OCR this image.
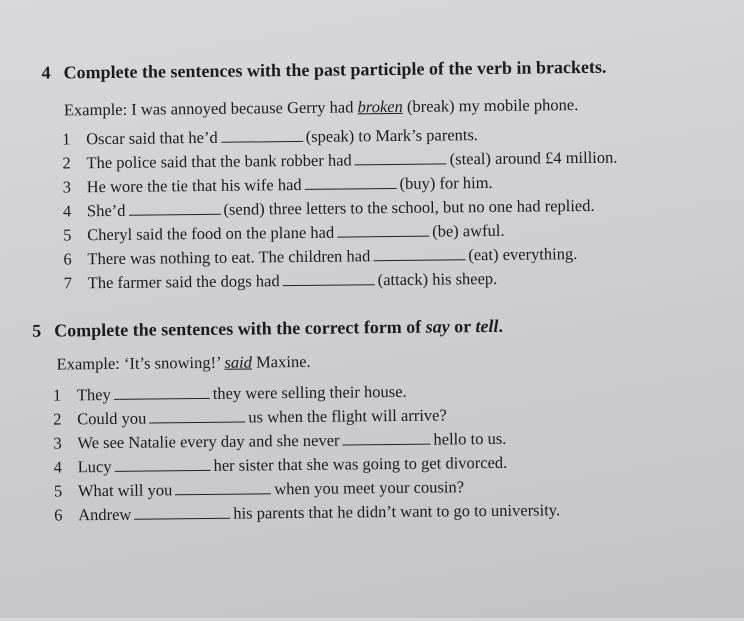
4 Complete the sentences with the past participle of the verb in brackets.
Example: I was annoyed because Gerry had broken (break) my mobile phone.
1 Oscar said that he’d	(speak) to Mark’s parents.
2 The police said that the bank robber had	(steal) around £4 million.
3 He wore the tie that his wife had	(buy) for him.
4 She’d	(send) three letters to the school, but no one had replied.
5 Cheryl said the food on the plane had	(be) awful.
6 There was nothing to eat. The children had	(eat) everything.
7 The farmer said the dogs had	(attack) his sheep.
5 Complete the sentences with the correct form of say or tell.
Example: ‘It’s snowing!’ said Maxine.
1 They	they were selling their house.
2 Could you	us when the flight will arrive?
3 We see Natalie every day and she never	hello to us.
4 Lucy	her sister that she was going to get divorced.
5 What will you	when you meet your cousin?
6 Andrew	his parents that he didn’t want to go to university.
